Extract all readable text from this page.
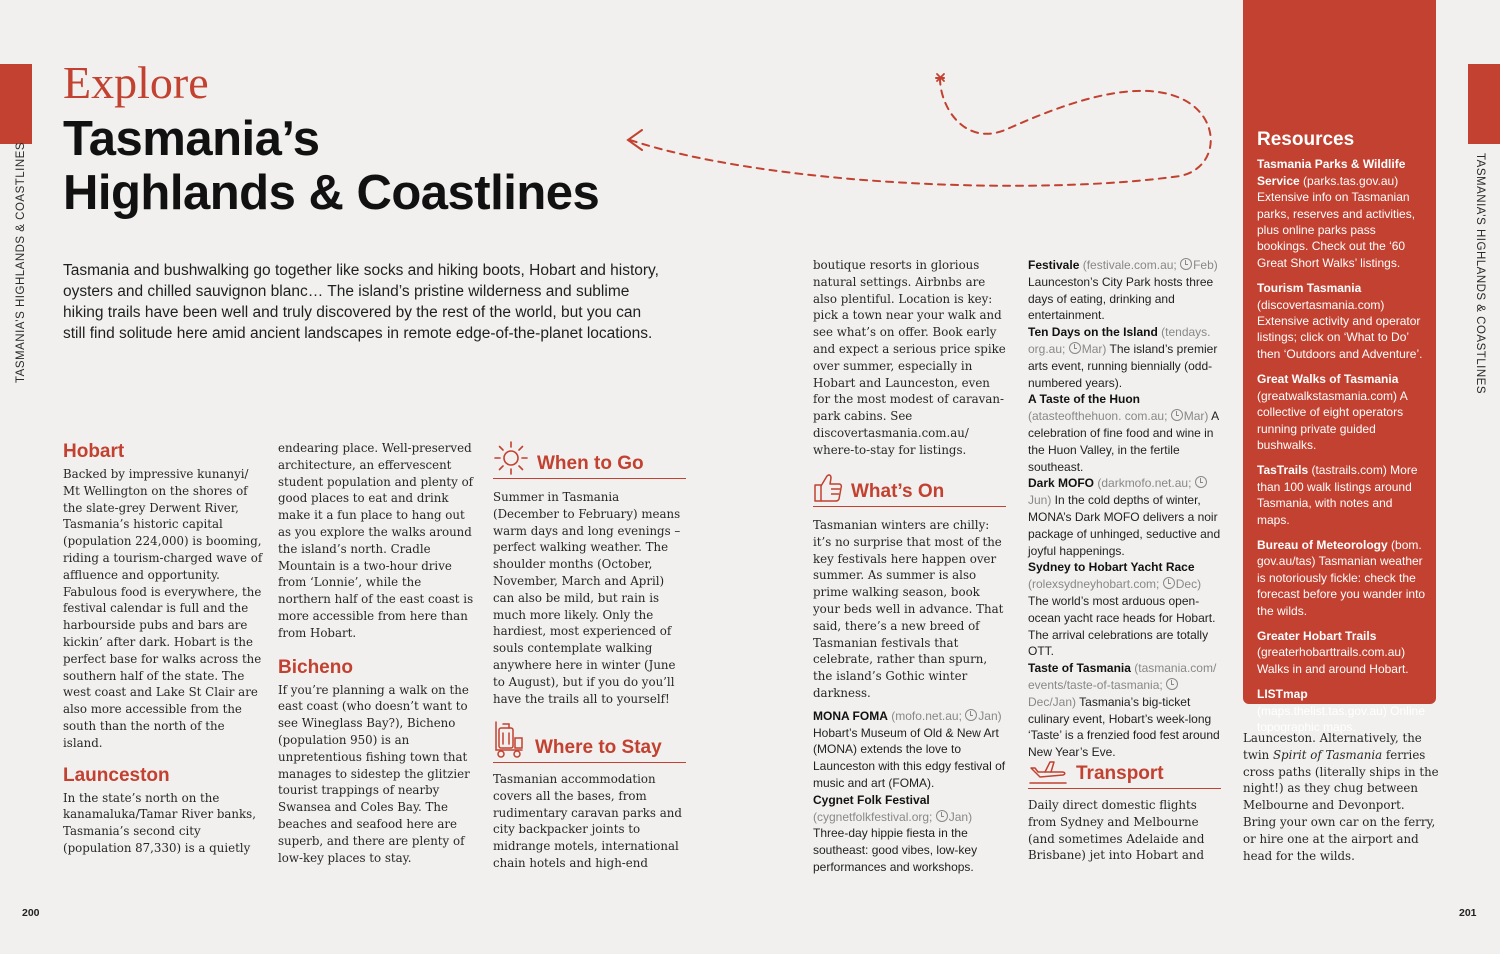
TASMANIA’S HIGHLANDS & COASTLINES	TASMANIA’S HIGHLANDS & COASTLINES
Explore
Tasmania’s
Highlands & Coastlines
Tasmania and bushwalking go together like socks and hiking boots, Hobart and history, oysters and chilled sauvignon blanc… The island’s pristine wilderness and sublime hiking trails have been well and truly discovered by the rest of the world, but you can still find solitude here amid ancient landscapes in remote edge-of-the-planet locations.
Hobart

Backed by impressive kunanyi/ Mt Wellington on the shores of the slate-grey Derwent River, Tasmania’s historic capital (population 224,000) is booming, riding a tourism-charged wave of affluence and opportunity. Fabulous food is everywhere, the festival calendar is full and the harbourside pubs and bars are kickin’ after dark. Hobart is the perfect base for walks across the southern half of the state. The west coast and Lake St Clair are also more accessible from the south than the north of the island.

Launceston

In the state’s north on the kanamaluka/Tamar River banks, Tasmania’s second city (population 87,330) is a quietly

endearing place. Well-preserved architecture, an effervescent student population and plenty of good places to eat and drink make it a fun place to hang out as you explore the walks around the island’s north. Cradle Mountain is a two-hour drive from ‘Lonnie’, while the northern half of the east coast is more accessible from here than from Hobart.

Bicheno

If you’re planning a walk on the east coast (who doesn’t want to see Wineglass Bay?), Bicheno (population 950) is an unpretentious fishing town that manages to sidestep the glitzier tourist trappings of nearby Swansea and Coles Bay. The beaches and seafood here are superb, and there are plenty of low-key places to stay.

When to Go

Summer in Tasmania (December to February) means warm days and long evenings – perfect walking weather. The shoulder months (October, November, March and April) can also be mild, but rain is much more likely. Only the hardiest, most experienced of souls contemplate walking anywhere here in winter (June to August), but if you do you’ll have the trails all to yourself!

Where to Stay

Tasmanian accommodation covers all the bases, from rudimentary caravan parks and city backpacker joints to midrange motels, international chain hotels and high-end

boutique resorts in glorious natural settings. Airbnbs are also plentiful. Location is key: pick a town near your walk and see what’s on offer. Book early and expect a serious price spike over summer, especially in Hobart and Launceston, even for the most modest of caravan-park cabins. See discovertasmania.com.au/ where-to-stay for listings.

What’s On

Tasmanian winters are chilly: it’s no surprise that most of the key festivals here happen over summer. As summer is also prime walking season, book your beds well in advance. That said, there’s a new breed of Tasmanian festivals that celebrate, rather than spurn, the island’s Gothic winter darkness.

MONA FOMA (mofo.net.au; Jan) Hobart’s Museum of Old & New Art (MONA) extends the love to Launceston with this edgy festival of music and art (FOMA).

Cygnet Folk Festival (cygnetfolkfestival.org; Jan) Three-day hippie fiesta in the southeast: good vibes, low-key performances and workshops.

Festivale (festivale.com.au; Feb) Launceston’s City Park hosts three days of eating, drinking and entertainment.

Ten Days on the Island (tendays. org.au; Mar) The island’s premier arts event, running biennially (odd-numbered years).

A Taste of the Huon (atasteofthehuon. com.au; Mar) A celebration of fine food and wine in the Huon Valley, in the fertile southeast.

Dark MOFO (darkmofo.net.au; Jun) In the cold depths of winter, MONA’s Dark MOFO delivers a noir package of unhinged, seductive and joyful happenings.

Sydney to Hobart Yacht Race (rolexsydneyhobart.com; Dec) The world’s most arduous open-ocean yacht race heads for Hobart. The arrival celebrations are totally OTT.

Taste of Tasmania (tasmania.com/ events/taste-of-tasmania; Dec/Jan) Tasmania’s big-ticket culinary event, Hobart’s week-long ‘Taste’ is a frenzied food fest around New Year’s Eve.

Transport

Daily direct domestic flights from Sydney and Melbourne (and sometimes Adelaide and Brisbane) jet into Hobart and

Resources
Tasmania Parks & Wildlife Service (parks.tas.gov.au) Extensive info on Tasmanian parks, reserves and activities, plus online parks pass bookings. Check out the ‘60 Great Short Walks’ listings.
Tourism Tasmania (discovertasmania.com) Extensive activity and operator listings; click on ‘What to Do’ then ‘Outdoors and Adventure’.
Great Walks of Tasmania (greatwalkstasmania.com) A collective of eight operators running private guided bushwalks.
TasTrails (tastrails.com) More than 100 walk listings around Tasmania, with notes and maps.
Bureau of Meteorology (bom. gov.au/tas) Tasmanian weather is notoriously fickle: check the forecast before you wander into the wilds.
Greater Hobart Trails (greaterhobarttrails.com.au) Walks in and around Hobart.
LISTmap (maps.thelist.tas.gov.au) Online topographic maps.

Launceston. Alternatively, the twin Spirit of Tasmania ferries cross paths (literally ships in the night!) as they chug between Melbourne and Devonport. Bring your own car on the ferry, or hire one at the airport and head for the wilds.

200	201
